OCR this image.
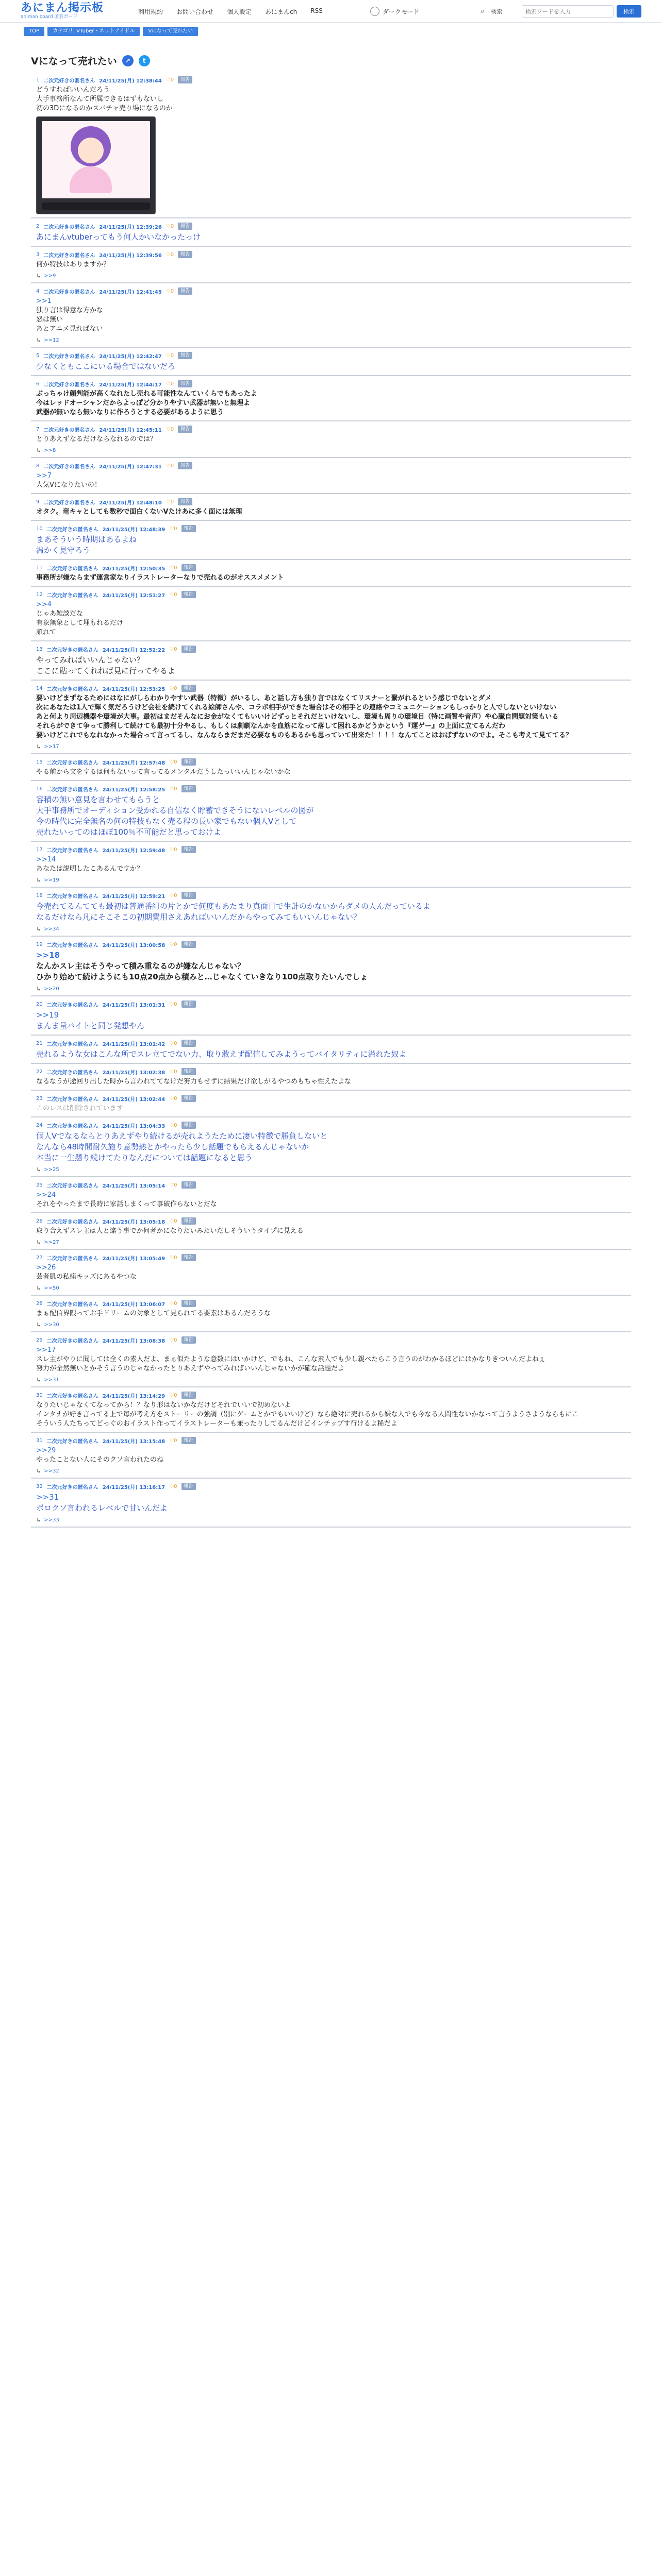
あにまん掲示板
animan board 匿名ボード
利用規約 お問い合わせ 個人設定 あにまんch RSS	ダークモード	⌕	検索
検索ワードを入力	検索
TOP	カテゴリ: VTuber・ネットアイドル	Vになって売れたい
Vになって売れたい	↗	t
1 二次元好きの匿名さん 24/11/25(月) 12:38:44 ♡0	報告
どうすればいいんだろう
大手事務所なんて所属できるはずもないし
初の3Dになるのかスパチャ売り場になるのか
2 二次元好きの匿名さん 24/11/25(月) 12:39:26 ♡0	報告
あにまんvtuberってもう何人かいなかったっけ
3 二次元好きの匿名さん 24/11/25(月) 12:39:56 ♡0	報告
何か特技はありますか？
↳ >>9
4 二次元好きの匿名さん 24/11/25(月) 12:41:45 ♡0	報告
>>1
独り言は得意な方かな
怒は無い
あとアニメ見ればない
↳ >>12
5 二次元好きの匿名さん 24/11/25(月) 12:42:47 ♡0	報告
少なくともここにいる場合ではないだろ
6 二次元好きの匿名さん 24/11/25(月) 12:44:17 ♡0	報告
ぶっちゃけ顔判能が高くなれたし売れる可能性なんていくらでもあったよ
今はレッドオーシャンだからよっぽど分かりやすい武器が無いと無理よ
武器が無いなら無いなりに作ろうとする必要があるように思う
7 二次元好きの匿名さん 24/11/25(月) 12:45:11 ♡0	報告
とりあえずなるだけならなれるのでは？
↳ >>8
8 二次元好きの匿名さん 24/11/25(月) 12:47:31 ♡0	報告
>>7
人気Vになりたいの！
9 二次元好きの匿名さん 24/11/25(月) 12:48:10 ♡0	報告
オタク。竜キャとしても数秒で面白くないVたけあに多く面には無理
10 二次元好きの匿名さん 24/11/25(月) 12:48:39 ♡0	報告
まあそういう時期はあるよね
温かく見守ろう
11 二次元好きの匿名さん 24/11/25(月) 12:50:35 ♡0	報告
事務所が嫌ならまず運営家なりイラストレーターなりで売れるのがオススメメント
12 二次元好きの匿名さん 24/11/25(月) 12:51:27 ♡0	報告
>>4
じゃあ雑談だな
有象無象として埋もれるだけ
頑れて
13 二次元好きの匿名さん 24/11/25(月) 12:52:22 ♡0	報告
やってみればいいんじゃない？
ここに貼ってくれれば見に行ってやるよ
14 二次元好きの匿名さん 24/11/25(月) 12:53:25 ♡0	報告
要いけどまずなるためにはなにがしらわかりやすい武器（特徴）がいるし、あと話し方も独り言ではなくてリスナーと繋がれるという感じでないとダメ
次にあなたは1人で輝く気だろうけど会社を続けてくれる絵師さんや、コラボ相手ができた場合はその相手との連絡やコミュニケーションもしっかりと人でしないといけない
あと何より周辺機器や環境が大事。最初はまだそんなにお金がなくてもいいけどずっとそれだといけないし、環境も周りの環境目（特に画質や音声）や心臓自問題対策もいる
それらができて争って勝利して続けても最初十分やるし、もしくは劇劇なんかを血筋になって落して困れるかどうかという『運ゲー』の上面に立てるんだわ
要いけどこれでもなれなかった場合って言ってるし、なんならまだまだ必要なものもあるかも思っていて出来た！！！！なんてことはおばずないのでよ。そこも考えて見ててる？
↳ >>17
15 二次元好きの匿名さん 24/11/25(月) 12:57:48 ♡0	報告
やる前から文をするは何もないって言ってるメンタルだうしたっいいんじゃないかな
16 二次元好きの匿名さん 24/11/25(月) 12:58:25 ♡0	報告
容積の無い意見を言わせてもらうと
大手事務所でオーディション受かれる自信なく貯蓄できそうにないレベルの図が
今の時代に完全無名の何の特技もなく売る程の長い家でもない個人Vとして
売れたいってのはほぼ100％不可能だと思っておけよ
17 二次元好きの匿名さん 24/11/25(月) 12:59:48 ♡0	報告
>>14
あなたは説明したこあるんですか？
↳ >>19
18 二次元好きの匿名さん 24/11/25(月) 12:59:21 ♡0	報告
今売れてるんてても最初は普通番組の片とかで何度もあたまり真面目で生計のかないからダメの人んだっているよ
なるだけなら凡にそこそこの初期費用さえあればいいんだからやってみてもいいんじゃない？
↳ >>34
19 二次元好きの匿名さん 24/11/25(月) 13:00:58 ♡0	報告
>>18
なんかスレ主はそうやって積み重なるのが嫌なんじゃない？
ひかり始めて続けようにも10点20点から積みと…じゃなくていきなり100点取りたいんでしょ
↳ >>20
20 二次元好きの匿名さん 24/11/25(月) 13:01:31 ♡0	報告
>>19
まんま量パイトと同じ発想やん
21 二次元好きの匿名さん 24/11/25(月) 13:01:42 ♡0	報告
売れるような女はこんな所でスレ立てでない力、取り敢えず配信してみようってバイタリティに溢れた奴よ
22 二次元好きの匿名さん 24/11/25(月) 13:02:38 ♡0	報告
なるなうが途回り出した時から言われててなけだ努力もせずに結果だけ欲しがるやつめもちゃ性えたよな
23 二次元好きの匿名さん 24/11/25(月) 13:02:44 ♡0	報告
このレスは削除されています
24 二次元好きの匿名さん 24/11/25(月) 13:04:33 ♡0	報告
個人Vでなるならとりあえずやり続けるが売れようたために凄い特徴で勝負しないと
なんなら48時間耐久施り意勢熱とかやったら少し話題でもらえるんじゃないか
本当に一生懸り続けてたりなんだについては話題になると思う
↳ >>25
25 二次元好きの匿名さん 24/11/25(月) 13:05:14 ♡0	報告
>>24
それをやったまで長時に家話しまくって事破作らないとだな
26 二次元好きの匿名さん 24/11/25(月) 13:05:18 ♡0	報告
取り合えずスレ主は人と違う事でか何者かになりたいみたいだしそういうタイプに見える
↳ >>27
27 二次元好きの匿名さん 24/11/25(月) 13:05:49 ♡0	報告
>>26
芸者肌の私痛キッズにあるやつな
↳ >>50
28 二次元好きの匿名さん 24/11/25(月) 13:06:07 ♡0	報告
まぁ配信界隈ってお手ドリームの対象として見られてる要素はあるんだろうな
↳ >>30
29 二次元好きの匿名さん 24/11/25(月) 13:08:38 ♡0	報告
>>17
スレ主がやりに聞しては全くの素人だよ、まぁ似たような意数にはいかけど、でもね、こんな素人でも少し親べたらこう言うのがわかるほどにはかなりきついんだよねぇ
努力が全然無いとかそう言うのじゃなかったとりあえずやってみればいいんじゃないかが確な話題だよ
↳ >>31
30 二次元好きの匿名さん 24/11/25(月) 13:14:29 ♡0	報告
なりたいじゃなくてなってから！？なり形はないかなだけどそれでいいで初めないよ
インタナが好き言ってる上で毎が考え方をストーリーの強調（別にゲームとかでもいいけど）なら絶対に売れるから嫌な人でも今なる人間性ないかなって言うようさようならもにこ
そういう人たちってどっぐのおイラスト作ってイラストレーターも兼ったりしてるんだけどインチップす行けるよ稀だよ
31 二次元好きの匿名さん 24/11/25(月) 13:15:48 ♡0	報告
>>29
やったことない人にそのクソ言われたのね
↳ >>32
32 二次元好きの匿名さん 24/11/25(月) 13:16:17 ♡0	報告
>>31
ボロクソ言われるレベルで甘いんだよ
↳ >>33
